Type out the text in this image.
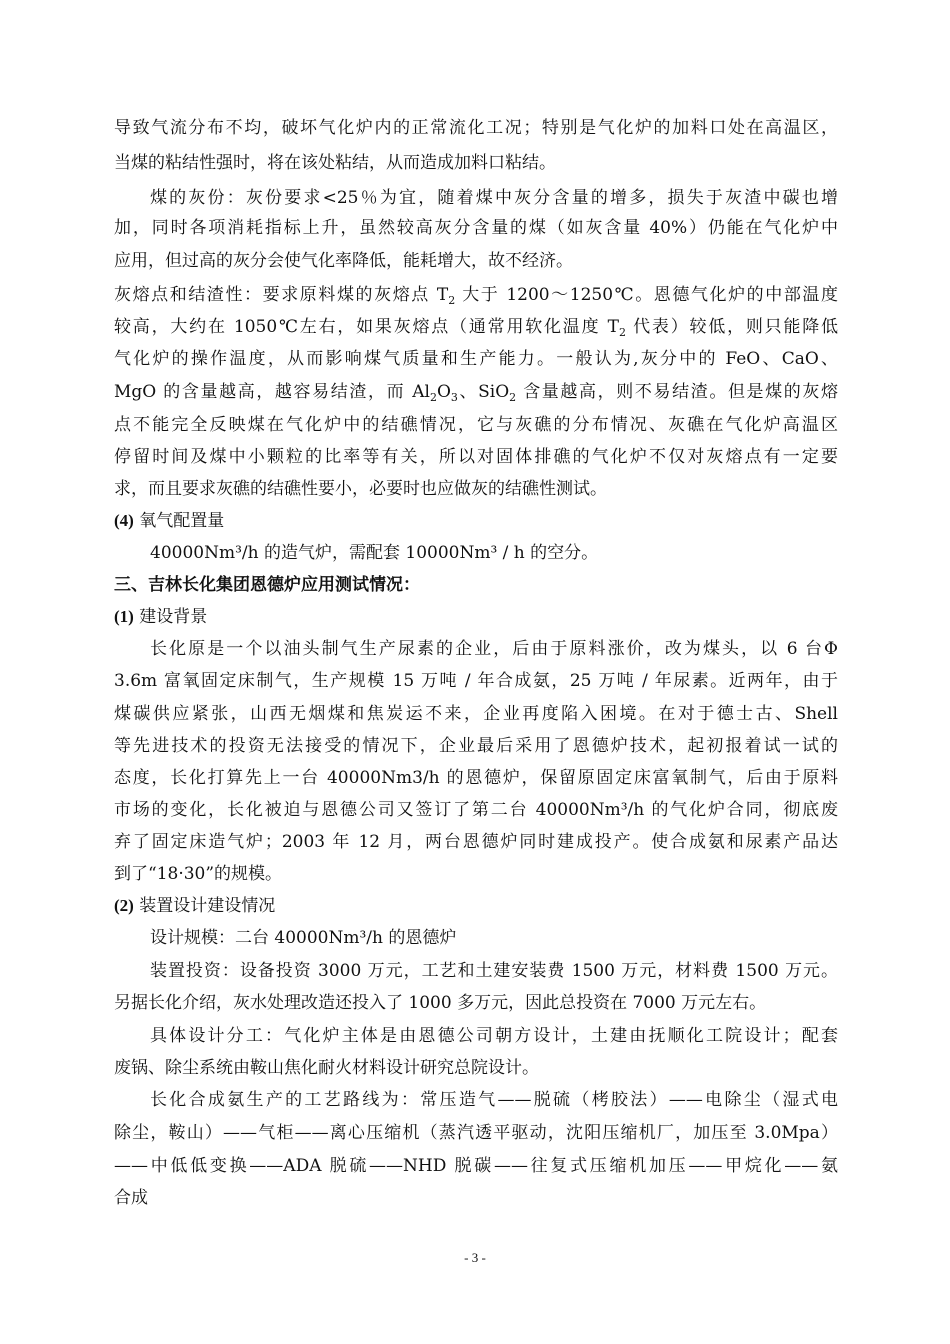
导致气流分布不均，破坏气化炉内的正常流化工况；特别是气化炉的加料口处在高温区，
当煤的粘结性强时，将在该处粘结，从而造成加料口粘结。
煤的灰份：灰份要求<25％为宜，随着煤中灰分含量的增多，损失于灰渣中碳也增
加，同时各项消耗指标上升，虽然较高灰分含量的煤（如灰含量 40%）仍能在气化炉中
应用，但过高的灰分会使气化率降低，能耗增大，故不经济。
灰熔点和结渣性：要求原料煤的灰熔点 $T_2$ 大于 1200～1250℃。恩德气化炉的中部温度
较高，大约在 1050℃左右，如果灰熔点（通常用软化温度 $T_2$ 代表）较低，则只能降低
气化炉的操作温度，从而影响煤气质量和生产能力。一般认为,灰分中的 FeO、CaO、
MgO 的含量越高，越容易结渣，而 $Al_2O_3$、SiO$_2$ 含量越高，则不易结渣。但是煤的灰熔
点不能完全反映煤在气化炉中的结礁情况，它与灰礁的分布情况、灰礁在气化炉高温区
停留时间及煤中小颗粒的比率等有关，所以对固体排礁的气化炉不仅对灰熔点有一定要
求，而且要求灰礁的结礁性要小，必要时也应做灰的结礁性测试。
(4) 氧气配置量
40000Nm³/h 的造气炉，需配套 10000Nm³ / h 的空分。
三、吉林长化集团恩德炉应用测试情况：
(1) 建设背景
长化原是一个以油头制气生产尿素的企业，后由于原料涨价，改为煤头，以 6 台Φ
3.6m 富氧固定床制气，生产规模 15 万吨 / 年合成氨，25 万吨 / 年尿素。近两年，由于
煤碳供应紧张，山西无烟煤和焦炭运不来，企业再度陷入困境。在对于德士古、Shell
等先进技术的投资无法接受的情况下，企业最后采用了恩德炉技术，起初报着试一试的
态度，长化打算先上一台 40000Nm3/h 的恩德炉，保留原固定床富氧制气，后由于原料
市场的变化，长化被迫与恩德公司又签订了第二台 40000Nm³/h 的气化炉合同，彻底废
弃了固定床造气炉；2003 年 12 月，两台恩德炉同时建成投产。使合成氨和尿素产品达
到了“18·30”的规模。
(2) 装置设计建设情况
设计规模：二台 40000Nm³/h 的恩德炉
装置投资：设备投资 3000 万元，工艺和土建安装费 1500 万元，材料费 1500 万元。
另据长化介绍，灰水处理改造还投入了 1000 多万元，因此总投资在 7000 万元左右。
具体设计分工：气化炉主体是由恩德公司朝方设计，土建由抚顺化工院设计；配套
废锅、除尘系统由鞍山焦化耐火材料设计研究总院设计。
长化合成氨生产的工艺路线为：常压造气——脱硫（栲胶法）——电除尘（湿式电
除尘，鞍山）——气柜——离心压缩机（蒸汽透平驱动，沈阳压缩机厂，加压至 3.0Mpa）
——中低低变换——ADA 脱硫——NHD 脱碳——往复式压缩机加压——甲烷化——氨
合成
- 3 -
